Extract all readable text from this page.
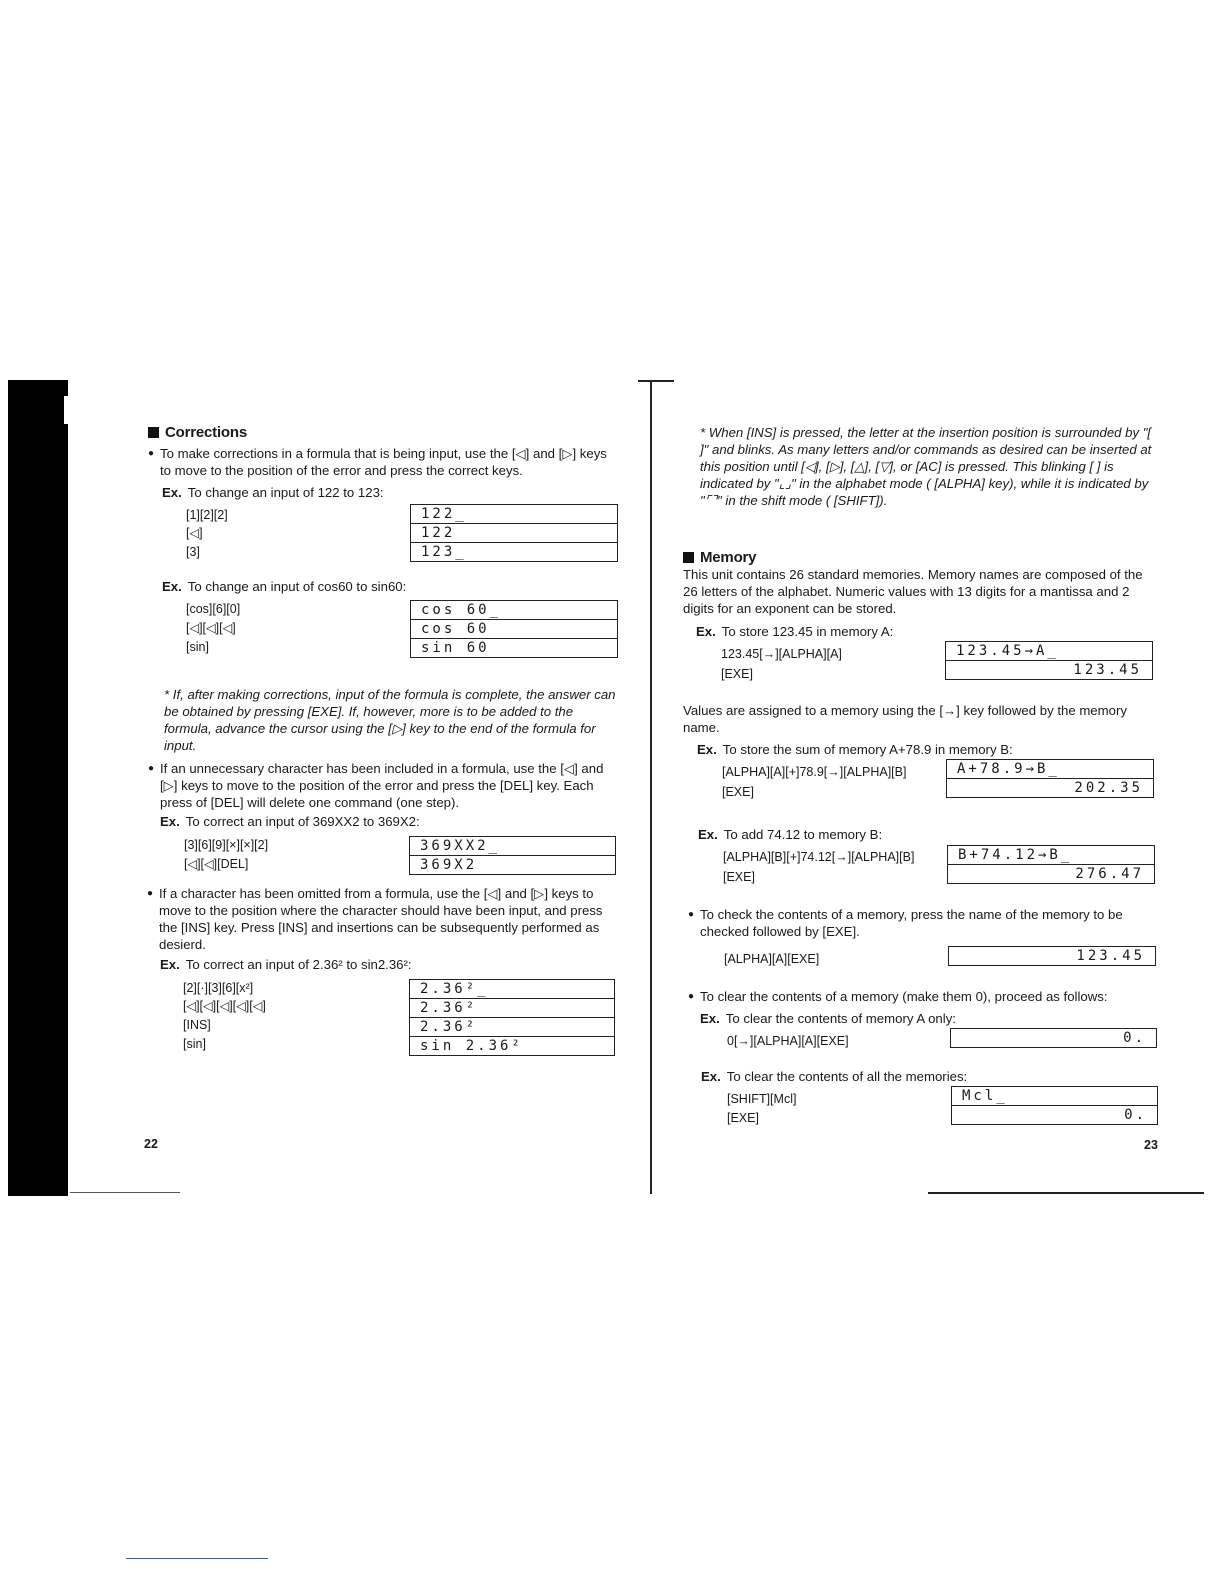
Corrections
● To make corrections in a formula that is being input, use the [◁] and [▷] keys to move to the position of the error and press the correct keys.
Ex. To change an input of 122 to 123:
[1][2][2]
[◁]
[3]
122_
122
123_
Ex. To change an input of cos60 to sin60:
[cos][6][0]
[◁][◁][◁]
[sin]
cos 60_
cos 60
sin 60
* If, after making corrections, input of the formula is complete, the answer can be obtained by pressing [EXE]. If, however, more is to be added to the formula, advance the cursor using the [▷] key to the end of the formula for input.
● If an unnecessary character has been included in a formula, use the [◁] and [▷] keys to move to the position of the error and press the [DEL] key. Each press of [DEL] will delete one command (one step).
Ex. To correct an input of 369XX2 to 369X2:
[3][6][9][×][×][2]
[◁][◁][DEL]
369XX2_
369X2
● If a character has been omitted from a formula, use the [◁] and [▷] keys to move to the position where the character should have been input, and press the [INS] key. Press [INS] and insertions can be subsequently performed as desierd.
Ex. To correct an input of 2.36² to sin2.36²:
[2][·][3][6][x²]
[◁][◁][◁][◁][◁]
[INS]
[sin]
2.36²_
2.36²
2.36²
sin 2.36²
22
* When [INS] is pressed, the letter at the insertion position is surrounded by "[ ]" and blinks. As many letters and/or commands as desired can be inserted at this position until [◁], [▷], [△], [▽], or [AC] is pressed. This blinking [ ] is indicated by "⌞⌟" in the alphabet mode ( [ALPHA] key), while it is indicated by "⌜⌝" in the shift mode ( [SHIFT]).
Memory
This unit contains 26 standard memories. Memory names are composed of the 26 letters of the alphabet. Numeric values with 13 digits for a mantissa and 2 digits for an exponent can be stored.
Ex. To store 123.45 in memory A:
123.45[→][ALPHA][A]
[EXE]
123.45→A_
123.45
Values are assigned to a memory using the [→] key followed by the memory name.
Ex. To store the sum of memory A+78.9 in memory B:
[ALPHA][A][+]78.9[→][ALPHA][B]
[EXE]
A+78.9→B_
202.35
Ex. To add 74.12 to memory B:
[ALPHA][B][+]74.12[→][ALPHA][B]
[EXE]
B+74.12→B_
276.47
● To check the contents of a memory, press the name of the memory to be checked followed by [EXE].
[ALPHA][A][EXE]	123.45
● To clear the contents of a memory (make them 0), proceed as follows:
Ex. To clear the contents of memory A only:
0[→][ALPHA][A][EXE]	0.
Ex. To clear the contents of all the memories:
[SHIFT][Mcl]
[EXE]
Mcl_
0.
23
